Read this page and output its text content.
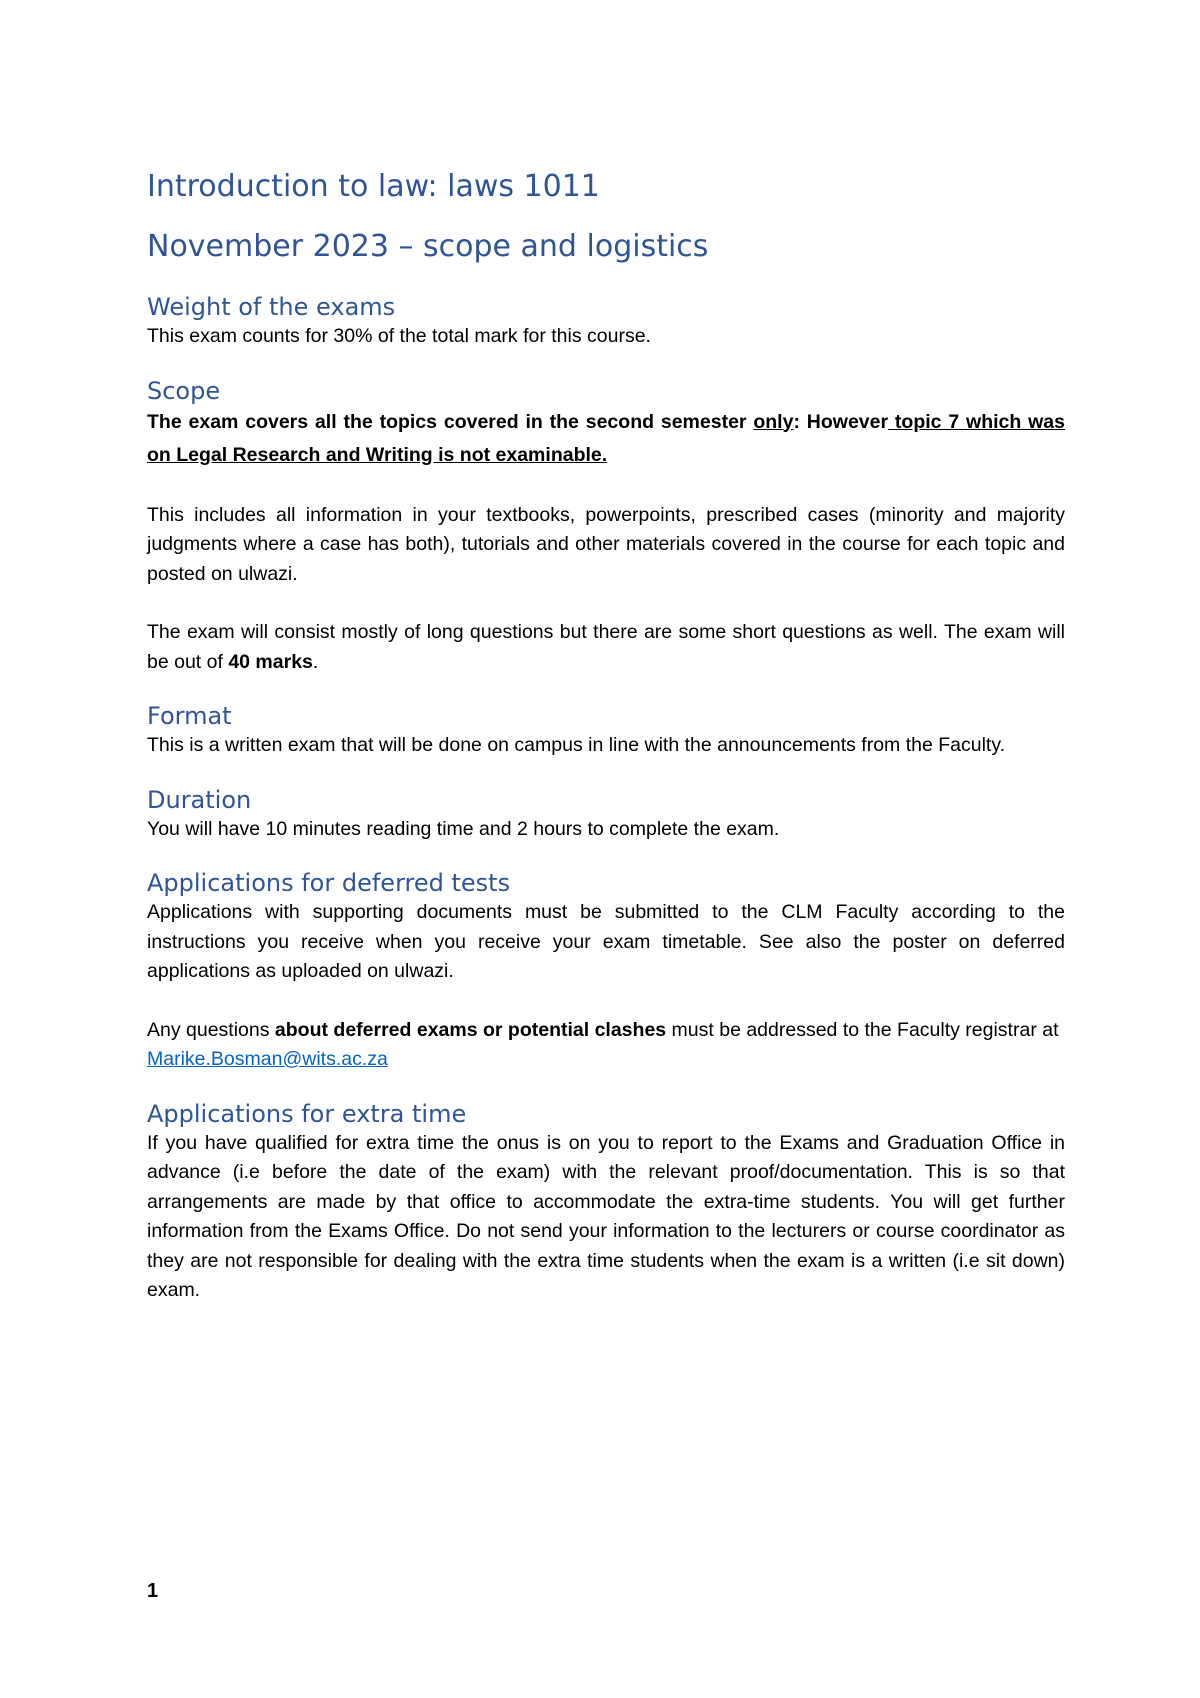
Introduction to law: laws 1011
November 2023 – scope and logistics
Weight of the exams

This exam counts for 30% of the total mark for this course.

Scope

The exam covers all the topics covered in the second semester only: However topic 7 which was on Legal Research and Writing is not examinable.

This includes all information in your textbooks, powerpoints, prescribed cases (minority and majority judgments where a case has both), tutorials and other materials covered in the course for each topic and posted on ulwazi.

The exam will consist mostly of long questions but there are some short questions as well. The exam will be out of 40 marks.

Format

This is a written exam that will be done on campus in line with the announcements from the Faculty.

Duration

You will have 10 minutes reading time and 2 hours to complete the exam.

Applications for deferred tests

Applications with supporting documents must be submitted to the CLM Faculty according to the instructions you receive when you receive your exam timetable. See also the poster on deferred applications as uploaded on ulwazi.

Any questions about deferred exams or potential clashes must be addressed to the Faculty registrar at
Marike.Bosman@wits.ac.za

Applications for extra time

If you have qualified for extra time the onus is on you to report to the Exams and Graduation Office in advance (i.e before the date of the exam) with the relevant proof/documentation. This is so that arrangements are made by that office to accommodate the extra-time students. You will get further information from the Exams Office. Do not send your information to the lecturers or course coordinator as they are not responsible for dealing with the extra time students when the exam is a written (i.e sit down) exam.

1
